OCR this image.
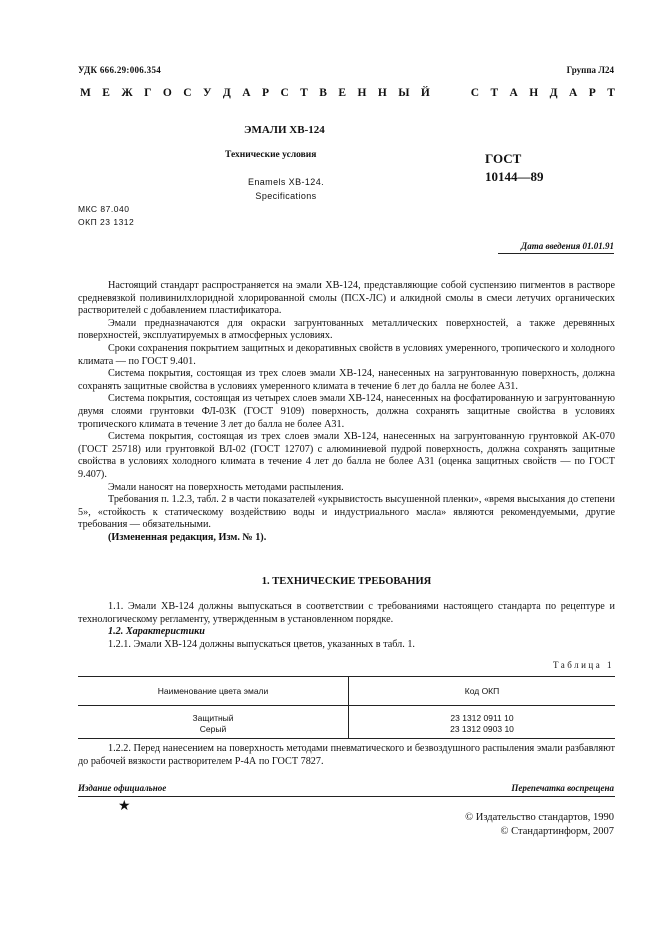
УДК 666.29:006.354	Группа Л24
М Е Ж Г О С У Д А Р С Т В Е Н Н Ы Й	С Т А Н Д А Р Т
ЭМАЛИ ХВ-124
Технические условия
Enamels XB-124.
Specifications
ГОСТ
10144—89
МКС 87.040
ОКП 23 1312
Дата введения 01.01.91

Настоящий стандарт распространяется на эмали ХВ-124, представляющие собой суспензию пигментов в растворе средневязкой поливинилхлоридной хлорированной смолы (ПСХ-ЛС) и алкидной смолы в смеси летучих органических растворителей с добавлением пластификатора.

Эмали предназначаются для окраски загрунтованных металлических поверхностей, а также деревянных поверхностей, эксплуатируемых в атмосферных условиях.

Сроки сохранения покрытием защитных и декоративных свойств в условиях умеренного, тропического и холодного климата — по ГОСТ 9.401.

Система покрытия, состоящая из трех слоев эмали ХВ-124, нанесенных на загрунтованную поверхность, должна сохранять защитные свойства в условиях умеренного климата в течение 6 лет до балла не более А31.

Система покрытия, состоящая из четырех слоев эмали ХВ-124, нанесенных на фосфатированную и загрунтованную двумя слоями грунтовки ФЛ-03К (ГОСТ 9109) поверхность, должна сохранять защитные свойства в условиях тропического климата в течение 3 лет до балла не более А31.

Система покрытия, состоящая из трех слоев эмали ХВ-124, нанесенных на загрунтованную грунтовкой АК-070 (ГОСТ 25718) или грунтовкой ВЛ-02 (ГОСТ 12707) с алюминиевой пудрой поверхность, должна сохранять защитные свойства в условиях холодного климата в течение 4 лет до балла не более А31 (оценка защитных свойств — по ГОСТ 9.407).

Эмали наносят на поверхность методами распыления.

Требования п. 1.2.3, табл. 2 в части показателей «укрывистость высушенной пленки», «время высыхания до степени 5», «стойкость к статическому воздействию воды и индустриального масла» являются рекомендуемыми, другие требования — обязательными.

(Измененная редакция, Изм. № 1).

1. ТЕХНИЧЕСКИЕ ТРЕБОВАНИЯ

1.1. Эмали ХВ-124 должны выпускаться в соответствии с требованиями настоящего стандарта по рецептуре и технологическому регламенту, утвержденным в установленном порядке.

1.2. Характеристики

1.2.1. Эмали ХВ-124 должны выпускаться цветов, указанных в табл. 1.

Таблица 1
Наименование цвета эмали	Код ОКП
Защитный	23 1312 0911 10
Серый	23 1312 0903 10

1.2.2. Перед нанесением на поверхность методами пневматического и безвоздушного распыления эмали разбавляют до рабочей вязкости растворителем Р-4А по ГОСТ 7827.

Издание официальное	Перепечатка воспрещена
★
© Издательство стандартов, 1990
© Стандартинформ, 2007
